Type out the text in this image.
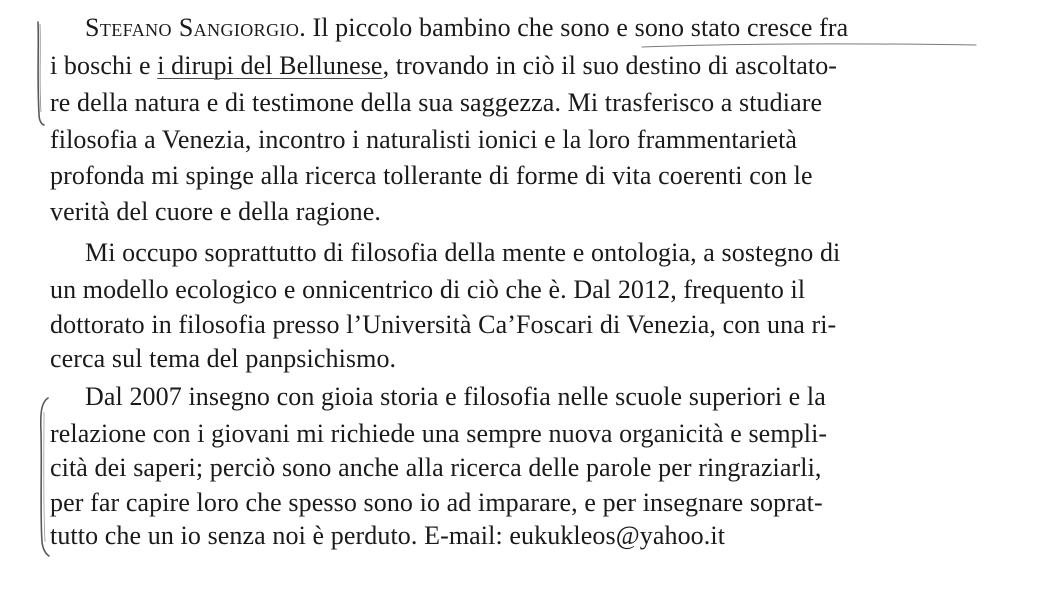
Stefano Sangiorgio. Il piccolo bambino che sono e sono stato cresce fra
i boschi e i dirupi del Bellunese, trovando in ciò il suo destino di ascoltato-
re della natura e di testimone della sua saggezza. Mi trasferisco a studiare
filosofia a Venezia, incontro i naturalisti ionici e la loro frammentarietà
profonda mi spinge alla ricerca tollerante di forme di vita coerenti con le
verità del cuore e della ragione.
Mi occupo soprattutto di filosofia della mente e ontologia, a sostegno di
un modello ecologico e onnicentrico di ciò che è. Dal 2012, frequento il
dottorato in filosofia presso l’Università Ca’Foscari di Venezia, con una ri-
cerca sul tema del panpsichismo.
Dal 2007 insegno con gioia storia e filosofia nelle scuole superiori e la
relazione con i giovani mi richiede una sempre nuova organicità e sempli-
cità dei saperi; perciò sono anche alla ricerca delle parole per ringraziarli,
per far capire loro che spesso sono io ad imparare, e per insegnare soprat-
tutto che un io senza noi è perduto. E-mail: eukukleos@yahoo.it
